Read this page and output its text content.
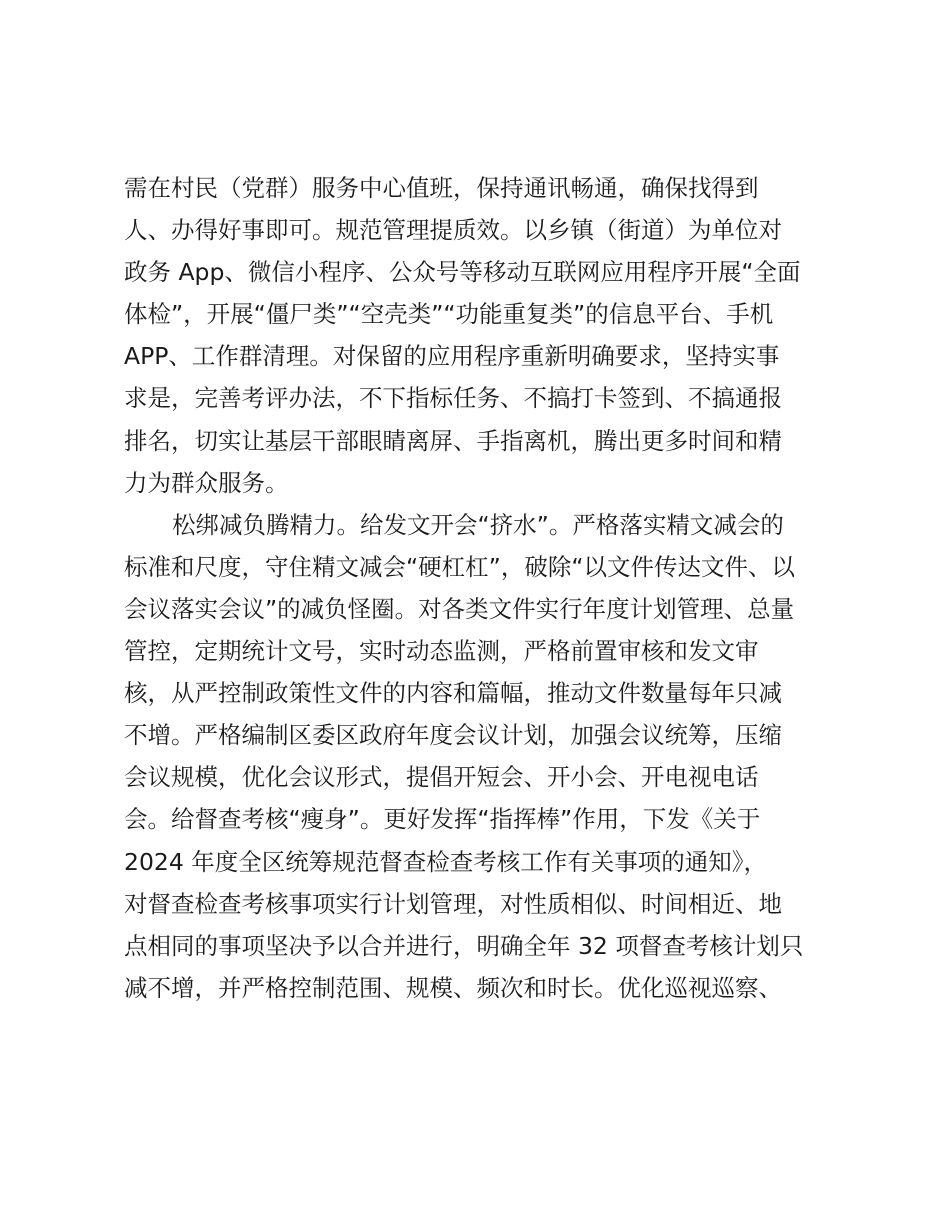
需在村民（党群）服务中心值班，保持通讯畅通，确保找得到
人、办得好事即可。规范管理提质效。以乡镇（街道）为单位对
政务 App、微信小程序、公众号等移动互联网应用程序开展“全面
体检”，开展“僵尸类”“空壳类”“功能重复类”的信息平台、手机
APP、工作群清理。对保留的应用程序重新明确要求，坚持实事
求是，完善考评办法，不下指标任务、不搞打卡签到、不搞通报
排名，切实让基层干部眼睛离屏、手指离机，腾出更多时间和精
力为群众服务。
松绑减负腾精力。给发文开会“挤水”。严格落实精文减会的
标准和尺度，守住精文减会“硬杠杠”，破除“以文件传达文件、以
会议落实会议”的减负怪圈。对各类文件实行年度计划管理、总量
管控，定期统计文号，实时动态监测，严格前置审核和发文审
核，从严控制政策性文件的内容和篇幅，推动文件数量每年只减
不增。严格编制区委区政府年度会议计划，加强会议统筹，压缩
会议规模，优化会议形式，提倡开短会、开小会、开电视电话
会。给督查考核“瘦身”。更好发挥“指挥棒”作用，下发《关于
2024 年度全区统筹规范督查检查考核工作有关事项的通知》，
对督查检查考核事项实行计划管理，对性质相似、时间相近、地
点相同的事项坚决予以合并进行，明确全年 32 项督查考核计划只
减不增，并严格控制范围、规模、频次和时长。优化巡视巡察、
